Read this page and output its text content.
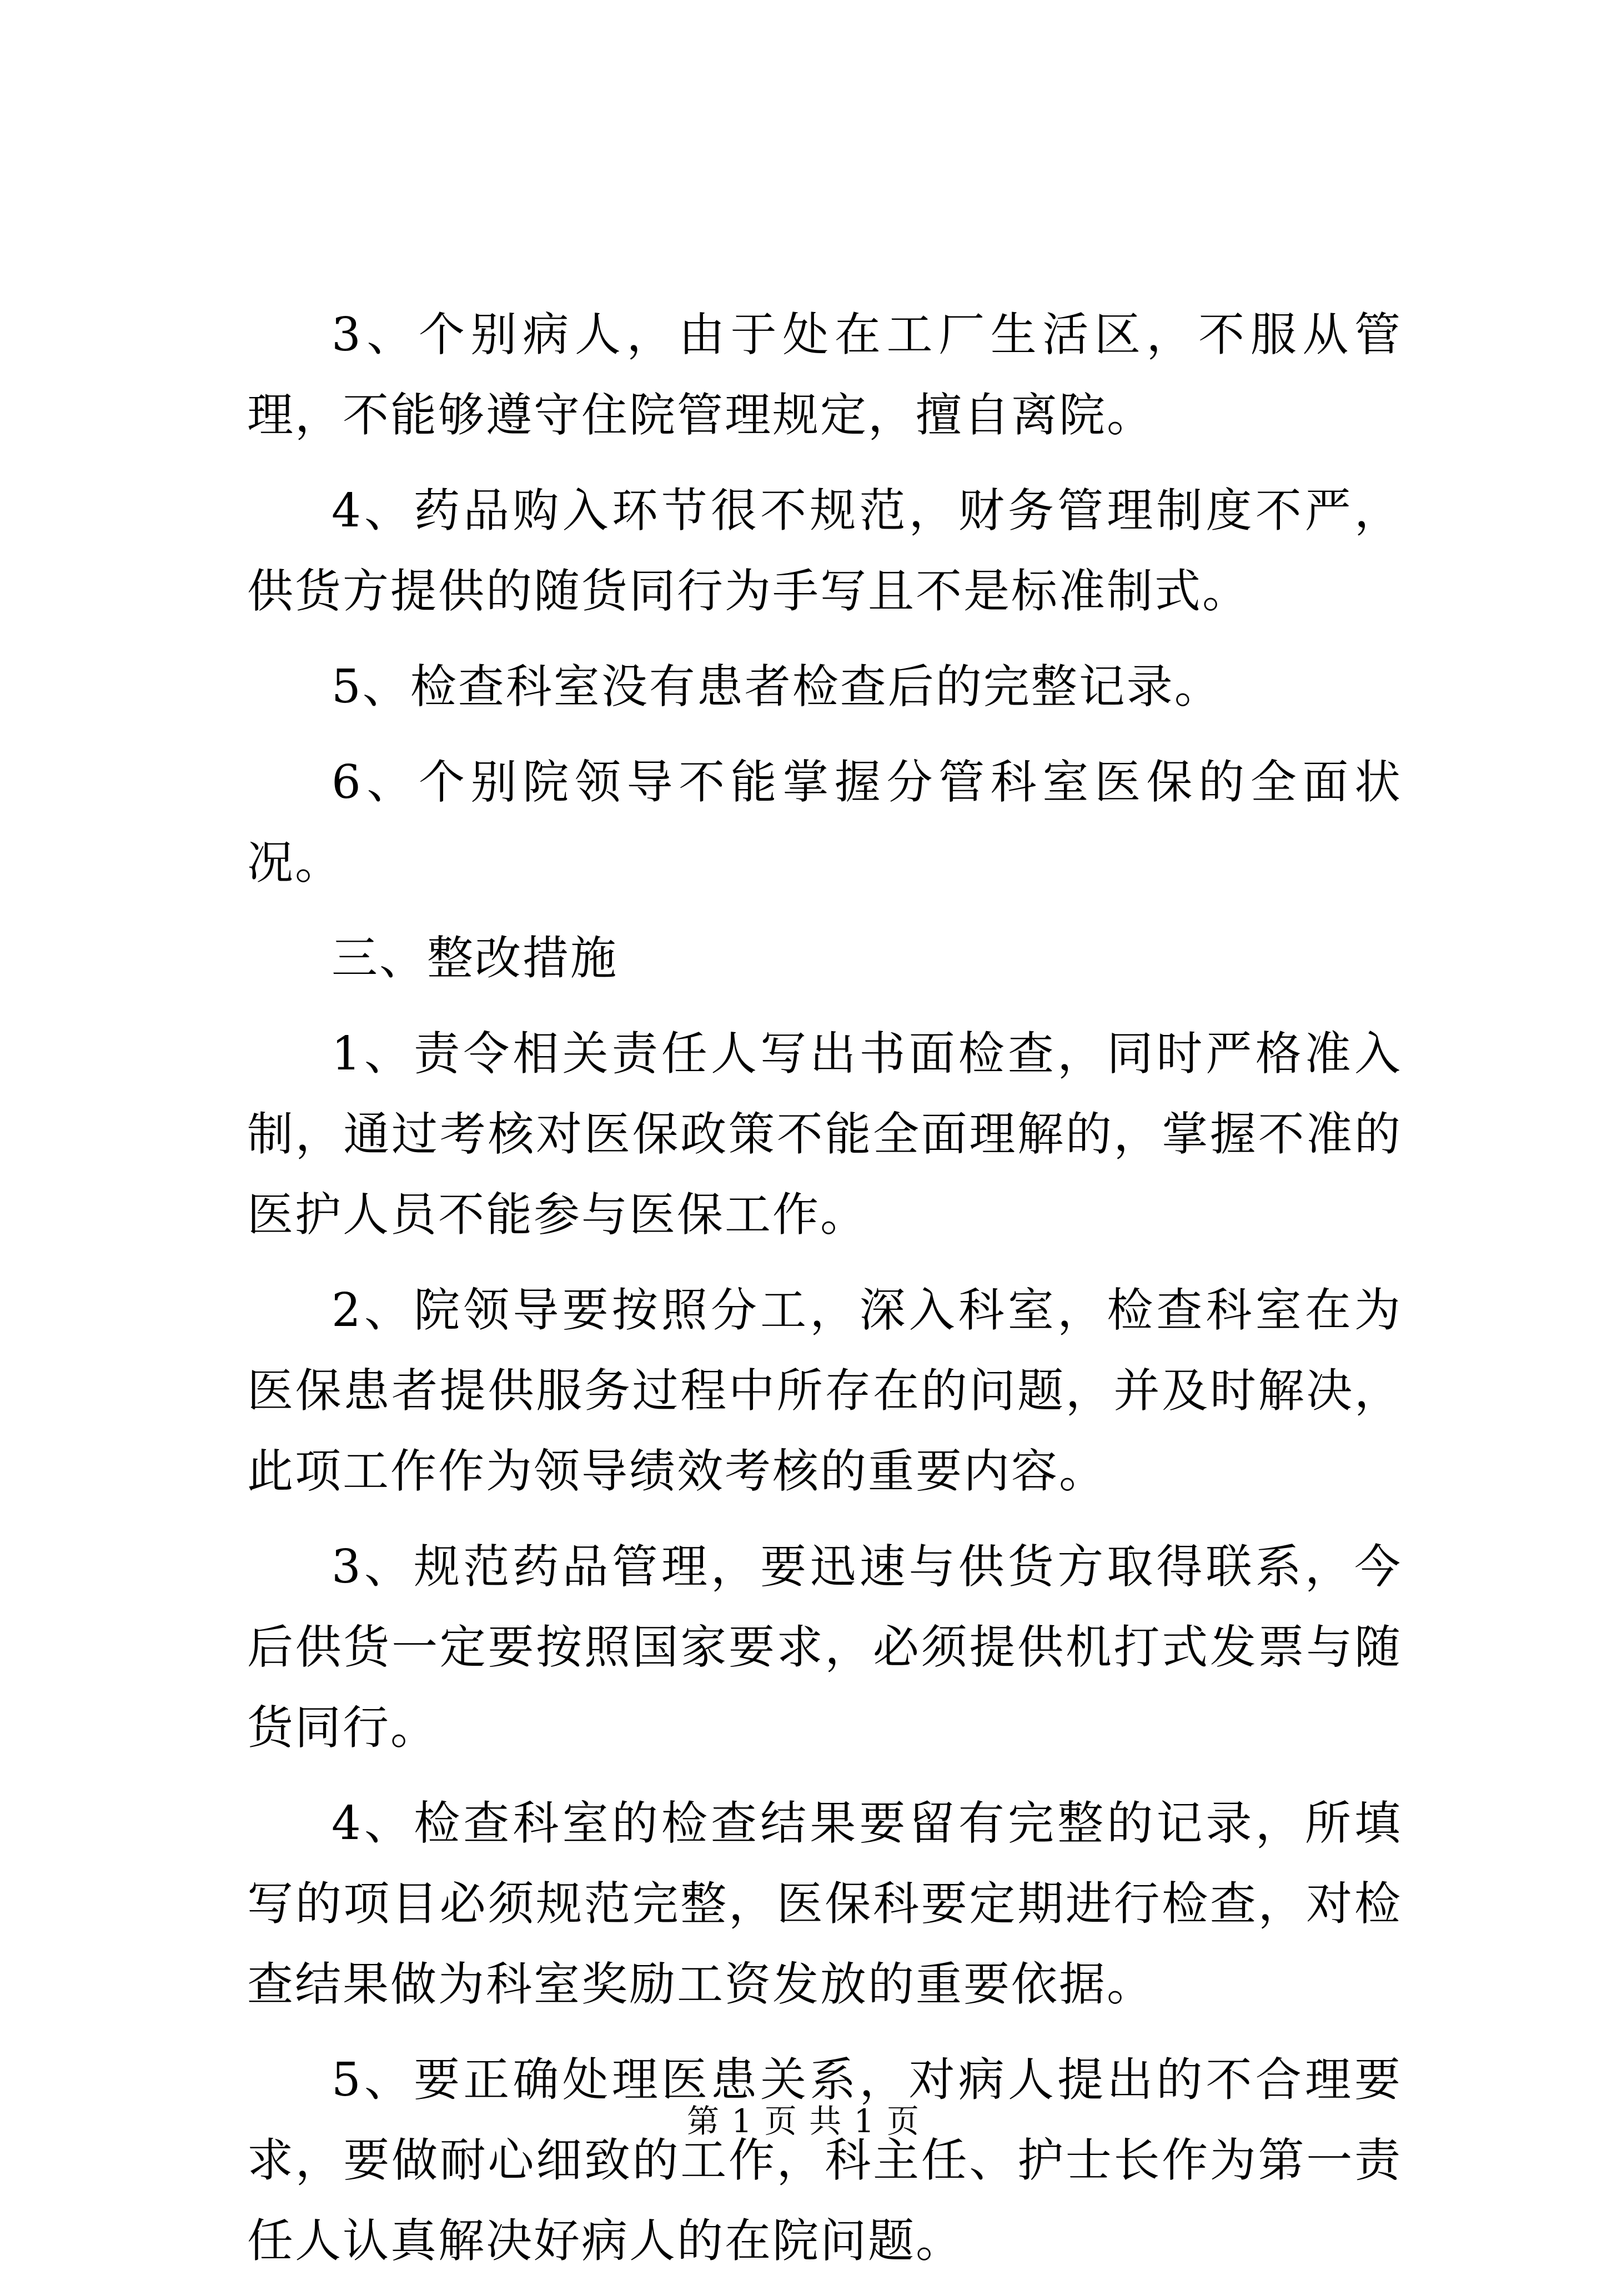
3、个别病人，由于处在工厂生活区，不服从管理，不能够遵守住院管理规定，擅自离院。

4、药品购入环节很不规范，财务管理制度不严，供货方提供的随货同行为手写且不是标准制式。

5、检查科室没有患者检查后的完整记录。

6、个别院领导不能掌握分管科室医保的全面状况。

三、整改措施

1、责令相关责任人写出书面检查，同时严格准入制，通过考核对医保政策不能全面理解的，掌握不准的医护人员不能参与医保工作。

2、院领导要按照分工，深入科室，检查科室在为医保患者提供服务过程中所存在的问题，并及时解决，此项工作作为领导绩效考核的重要内容。

3、规范药品管理，要迅速与供货方取得联系，今后供货一定要按照国家要求，必须提供机打式发票与随货同行。

4、检查科室的检查结果要留有完整的记录，所填写的项目必须规范完整，医保科要定期进行检查，对检查结果做为科室奖励工资发放的重要依据。

5、要正确处理医患关系，对病人提出的不合理要求，要做耐心细致的工作，科主任、护士长作为第一责任人认真解决好病人的在院问题。

第 1 页 共 1 页
